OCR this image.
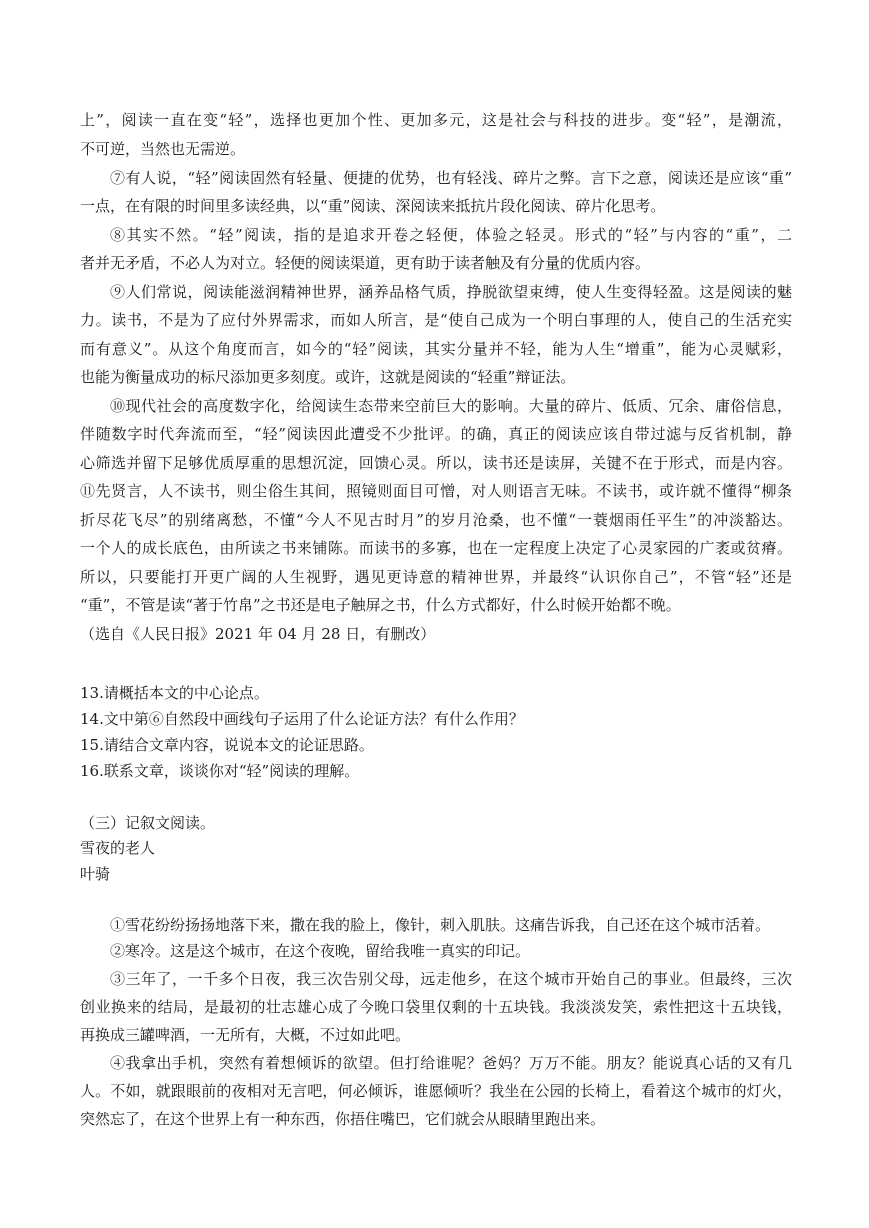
上”，阅读一直在变“轻”，选择也更加个性、更加多元，这是社会与科技的进步。变“轻”，是潮流，
不可逆，当然也无需逆。
⑦有人说，“轻”阅读固然有轻量、便捷的优势，也有轻浅、碎片之弊。言下之意，阅读还是应该“重”
一点，在有限的时间里多读经典，以“重”阅读、深阅读来抵抗片段化阅读、碎片化思考。
⑧其实不然。“轻”阅读，指的是追求开卷之轻便，体验之轻灵。形式的“轻”与内容的“重”，二
者并无矛盾，不必人为对立。轻便的阅读渠道，更有助于读者触及有分量的优质内容。
⑨人们常说，阅读能滋润精神世界，涵养品格气质，挣脱欲望束缚，使人生变得轻盈。这是阅读的魅
力。读书，不是为了应付外界需求，而如人所言，是“使自己成为一个明白事理的人，使自己的生活充实
而有意义”。从这个角度而言，如今的“轻”阅读，其实分量并不轻，能为人生“增重”，能为心灵赋彩，
也能为衡量成功的标尺添加更多刻度。或许，这就是阅读的“轻重”辩证法。
⑩现代社会的高度数字化，给阅读生态带来空前巨大的影响。大量的碎片、低质、冗余、庸俗信息，
伴随数字时代奔流而至，“轻”阅读因此遭受不少批评。的确，真正的阅读应该自带过滤与反省机制，静
心筛选并留下足够优质厚重的思想沉淀，回馈心灵。所以，读书还是读屏，关键不在于形式，而是内容。
⑪先贤言，人不读书，则尘俗生其间，照镜则面目可憎，对人则语言无味。不读书，或许就不懂得“柳条
折尽花飞尽”的别绪离愁，不懂“今人不见古时月”的岁月沧桑，也不懂“一蓑烟雨任平生”的冲淡豁达。
一个人的成长底色，由所读之书来铺陈。而读书的多寡，也在一定程度上决定了心灵家园的广袤或贫瘠。
所以，只要能打开更广阔的人生视野，遇见更诗意的精神世界，并最终“认识你自己”，不管“轻”还是
“重”，不管是读“著于竹帛”之书还是电子触屏之书，什么方式都好，什么时候开始都不晚。
（选自《人民日报》2021 年 04 月 28 日，有删改）
13.请概括本文的中心论点。
14.文中第⑥自然段中画线句子运用了什么论证方法？有什么作用？
15.请结合文章内容，说说本文的论证思路。
16.联系文章，谈谈你对“轻”阅读的理解。
（三）记叙文阅读。
雪夜的老人
叶骑
①雪花纷纷扬扬地落下来，撒在我的脸上，像针，刺入肌肤。这痛告诉我，自己还在这个城市活着。
②寒冷。这是这个城市，在这个夜晚，留给我唯一真实的印记。
③三年了，一千多个日夜，我三次告别父母，远走他乡，在这个城市开始自己的事业。但最终，三次
创业换来的结局，是最初的壮志雄心成了今晚口袋里仅剩的十五块钱。我淡淡发笑，索性把这十五块钱，
再换成三罐啤酒，一无所有，大概，不过如此吧。
④我拿出手机，突然有着想倾诉的欲望。但打给谁呢？爸妈？万万不能。朋友？能说真心话的又有几
人。不如，就跟眼前的夜相对无言吧，何必倾诉，谁愿倾听？我坐在公园的长椅上，看着这个城市的灯火，
突然忘了，在这个世界上有一种东西，你捂住嘴巴，它们就会从眼睛里跑出来。
